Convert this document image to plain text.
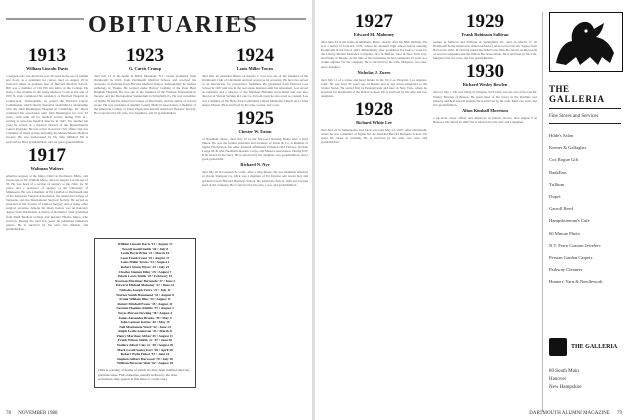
OBITUARIES
1913
William Lincoln Davis

a surgeon who was involved over 40 years in the use of radium and X-ray as a treatment for cancer, died on August 18 in Concord, Mass. A graduate also of Harvard Medical School, Bill was a member of Chi Phi and GKG at the College. He spent a few months in the Army Medical Corps at the end of WW II, then completed his residency at Hartford Hospital in Connecticut. Subsequently he joined the Harvard Cancer Commission, which shortly thereafter established a relationship with the John Huntington Hospital in Cambridge. Dr. Davis continued his association with John Huntington for over 25 years—with time off for medical service during WW II—serving as associate medical director in 1947. For another ten years he served as a medical director of the Massachusetts Cancer Program. He was active in several civic affairs and was a member of many groups including the Massachusetts Medical Society. He was predeceased by his wife, Mildred. He is survived by three grandchildren, and six great-grandchildren.

1917
Waltman Walters

emeritus surgeon at the Mayo Clinic in Rochester, Minn., and son-in-law of Dr. William Mayo, died on August 3 at the age of 93. He was head of a section of surgery at the clinic for 30 years, and a professor of surgery at the University of Minnesota. He was a member of Psi Upsilon at Dartmouth and of the American Surgical Association, the American College of Surgeons, and the International Surgical Society. He served as president of the Society of Clinical Surgery and of many other surgical societies. Among his many honors was an honorary degree from Dartmouth. A native of Rochester, Walt graduated from Rush Medical College and married Phoebe Mayo, who survives. During the next few years he published numerous papers. He is survived by his wife, his children, and grandchildren.

1923
G. Curtis Crump

died July 12 at his home in Black Mountain, N.C. Curtis graduated from Dartmouth in 1923, from Dartmouth Medical School, and received his doctorate of medicine from Harvard Medical School. Subsequently he studied pathology in Vienna. He worked under Harvey Cushing at the Peter Bent Brigham Hospital. He was one of the founders of the Trudeau Sanatorium in Saranac and the Metropolitan Sanatorium in Schuylkill, Pa. He was a member of Sigma Xi and the American College of Physicians, and the author of several books. He was president of Alumni County Medical Association, a member of the American College of Chest Physicians and the American Thoracic Society. He is survived by his wife, two daughters, and 10 grandchildren.

William Lincoln Davis '13 • August 17
Newell Gould Smith '20 • July 8
Leslie Boyle Brine '21 • March 16
Leon Frank Sweet '23 • August 17
Louis Miller Towns '24 • August 1
Robert Glenn Myers '25 • July 21
Charles Stanton Diley '25 • August 7
Edwin Lewis Smith '25 • February 15
Newman Mortimer Bernstein '27 • June 2
Edward Michael Mahoney '27 • June 24
Nicholas Joseph Zurro '27 • July 11
Warner Smith Hammond '32 • August 8
Frank William Bliss '34 • August 11
Robert Mitchell Evans '35 • August 11
Norman Hopkins Rubble '37 • August 3
Noyes Pierson Dowling '38 • August 3
James Alexander Brooks '39 • May 9
John Lamson Kerins '40 • May 15
Neil MacKenzie Ward '42 • June 14
Ralph Leslie Anderson '43 • March 8
Henry Marriner Abbot '45 • August 11
Frank Wilson Smith, Jr. '47 • June 20
Wallace Albert Clay Jr. '48 • August 29
Mark Lovell Seeley Farr '49 • April 28
Robert Wylie Fisher '57 • June 24
Stephen Gilbert Harwood '70 • July 30
William Brewster Weir '82 • August 18
(This is a listing of deaths of which we have been notified since the previous issue. Full obituaries, usually written by the class secretaries, may appear in this issue or a later one.)
1924
Louis Miller Towns

died after an extended illness on August 1. Lou was one of the founders of the Dartmouth Club of Cincinnati and had served as its secretary. He had also served as an interviewer for prospective freshmen. He graduated from Harvard Law School in 1927 and was in the real estate business until his retirement. Lou served as president and a director of the Madison Building Association and was also director of Vulcan Savings & Loan Co. In both cases he also acted as counsel. Lou was a member of the Hyde Park Community United Methodist Church and a 32nd degree Mason. He is survived by his wife, Louise, and a son.

1925
Chester W. Eaton

of Needham, Mass., died July 27 in the Norwood Nursing Home after a brief illness. He was the former president and treasurer of Eaton & Co. A member of Sigma Phi Epsilon, his other fraternal affiliations included Odd Fellows, Norfolk Lodge AF & AM, Needham Masonic Corps, and Masters Association. During WW II he served in the Navy. He is survived by his daughter, two grandchildren, and a great-grandchild.

Richard N. Nye

died July 26 in Greenwich, Conn., after a long illness. He was chairman emeritus of Ocean Transport Co. Dick was a member of Psi Upsilon and Green Key and graduated from Harvard Business School. He joined the firm in 1930 and became head of the company. He is survived by his wife, a son, and grandchildren.

78 NOVEMBER 1988
1927
Edward M. Mahoney

died June 24 at his home in Methuen, Mass., shortly after his 88th birthday. He was a native of Concord, N.H., where he attended high school before entering Dartmouth in the fall of 1923. Immediately after graduation Ed went to work for the Liberty Mutual Insurance Company, first in Buffalo, later in New York City, and finally in Boston. At the time of his retirement, he had completed 33 years as a claims adjuster for the company. He is survived by his wife, Margaret, two sons, and a daughter.

Nicholas J. Zurro

died July 11 of a stroke and heart failure in the V.C.L.A. Hospital, Los Angeles, Calif. He was born 85 years ago in Russia and at age seven emigrated to the United States. He settled first in Pennsylvania and later in New York, where he prepared for Dartmouth at the Dalton School. He is survived by his wife and two daughters.

1928
Richard White Lee

died June 22 in Indianapolis, Ind. Dick was born May 12, 1907. After Dartmouth, where he was a member of Sigma Nu, he attended Harvard Business School. He spent his career in retailing. He is survived by his wife, two sons, and grandchildren.

1929
Frank Robinson Sullivan

partner in Sullivan and Sullivan of Springfield, Ill., died on March 17. At Dartmouth Frank majored in American history and received his law degree from Harvard in 1932. In 1934 he joined his father's law firm. He served on the boards of several companies and the Illinois Bar Association. He is survived by his wife, Margaret, his two sons, and four grandchildren.

1930
Richard Wesley Bowlen

died on July 1. He was living in Walpole, N.H. Dick was the son of the late Dr. Wesley Bowlen of Boston. He spent most of his career in the machine tool industry and held several patents. He is survived by his wife, Ruth, two sons, and five grandchildren.

Alton Kimball Morrison

a top-level career officer and employee in federal service, died August 9 in Hanover. He retired in 1960. He is survived by his wife and a daughter.

THE
GALLERIA
Fine Stores and Services
Hilde's Salon
Keener & Gallagher
Cox Rogue Gift
BankEast
Trillium
Dupré
Garroll Reed
Hampshireman's Cafe
60 Minute Photo
N.T. Ferro Custom Jewelers
Persian Garden Carpets
Parkway Cleaners
Hunters' Yarn & Needlework
THE GALLERIA
80 South Main
Hanover
New Hampshire
DARTMOUTH ALUMNI MAGAZINE 79
